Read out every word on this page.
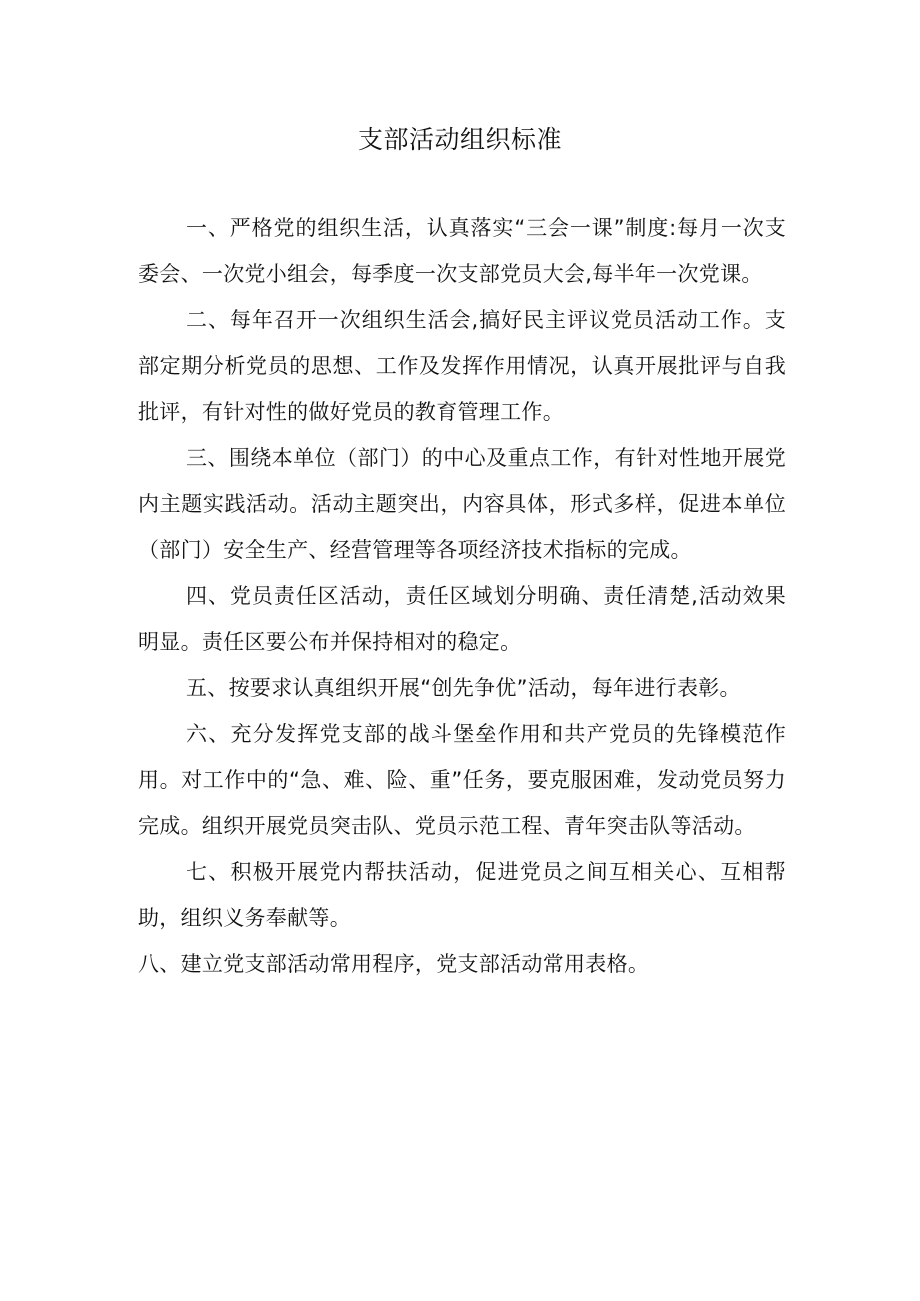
支部活动组织标准

一、严格党的组织生活，认真落实“三会一课”制度:每月一次支委会、一次党小组会，每季度一次支部党员大会,每半年一次党课。

二、每年召开一次组织生活会,搞好民主评议党员活动工作。支部定期分析党员的思想、工作及发挥作用情况，认真开展批评与自我批评，有针对性的做好党员的教育管理工作。

三、围绕本单位（部门）的中心及重点工作，有针对性地开展党内主题实践活动。活动主题突出，内容具体，形式多样，促进本单位（部门）安全生产、经营管理等各项经济技术指标的完成。

四、党员责任区活动，责任区域划分明确、责任清楚,活动效果明显。责任区要公布并保持相对的稳定。

五、按要求认真组织开展“创先争优”活动，每年进行表彰。

六、充分发挥党支部的战斗堡垒作用和共产党员的先锋模范作用。对工作中的“急、难、险、重”任务，要克服困难，发动党员努力完成。组织开展党员突击队、党员示范工程、青年突击队等活动。

七、积极开展党内帮扶活动，促进党员之间互相关心、互相帮助，组织义务奉献等。

八、建立党支部活动常用程序，党支部活动常用表格。
